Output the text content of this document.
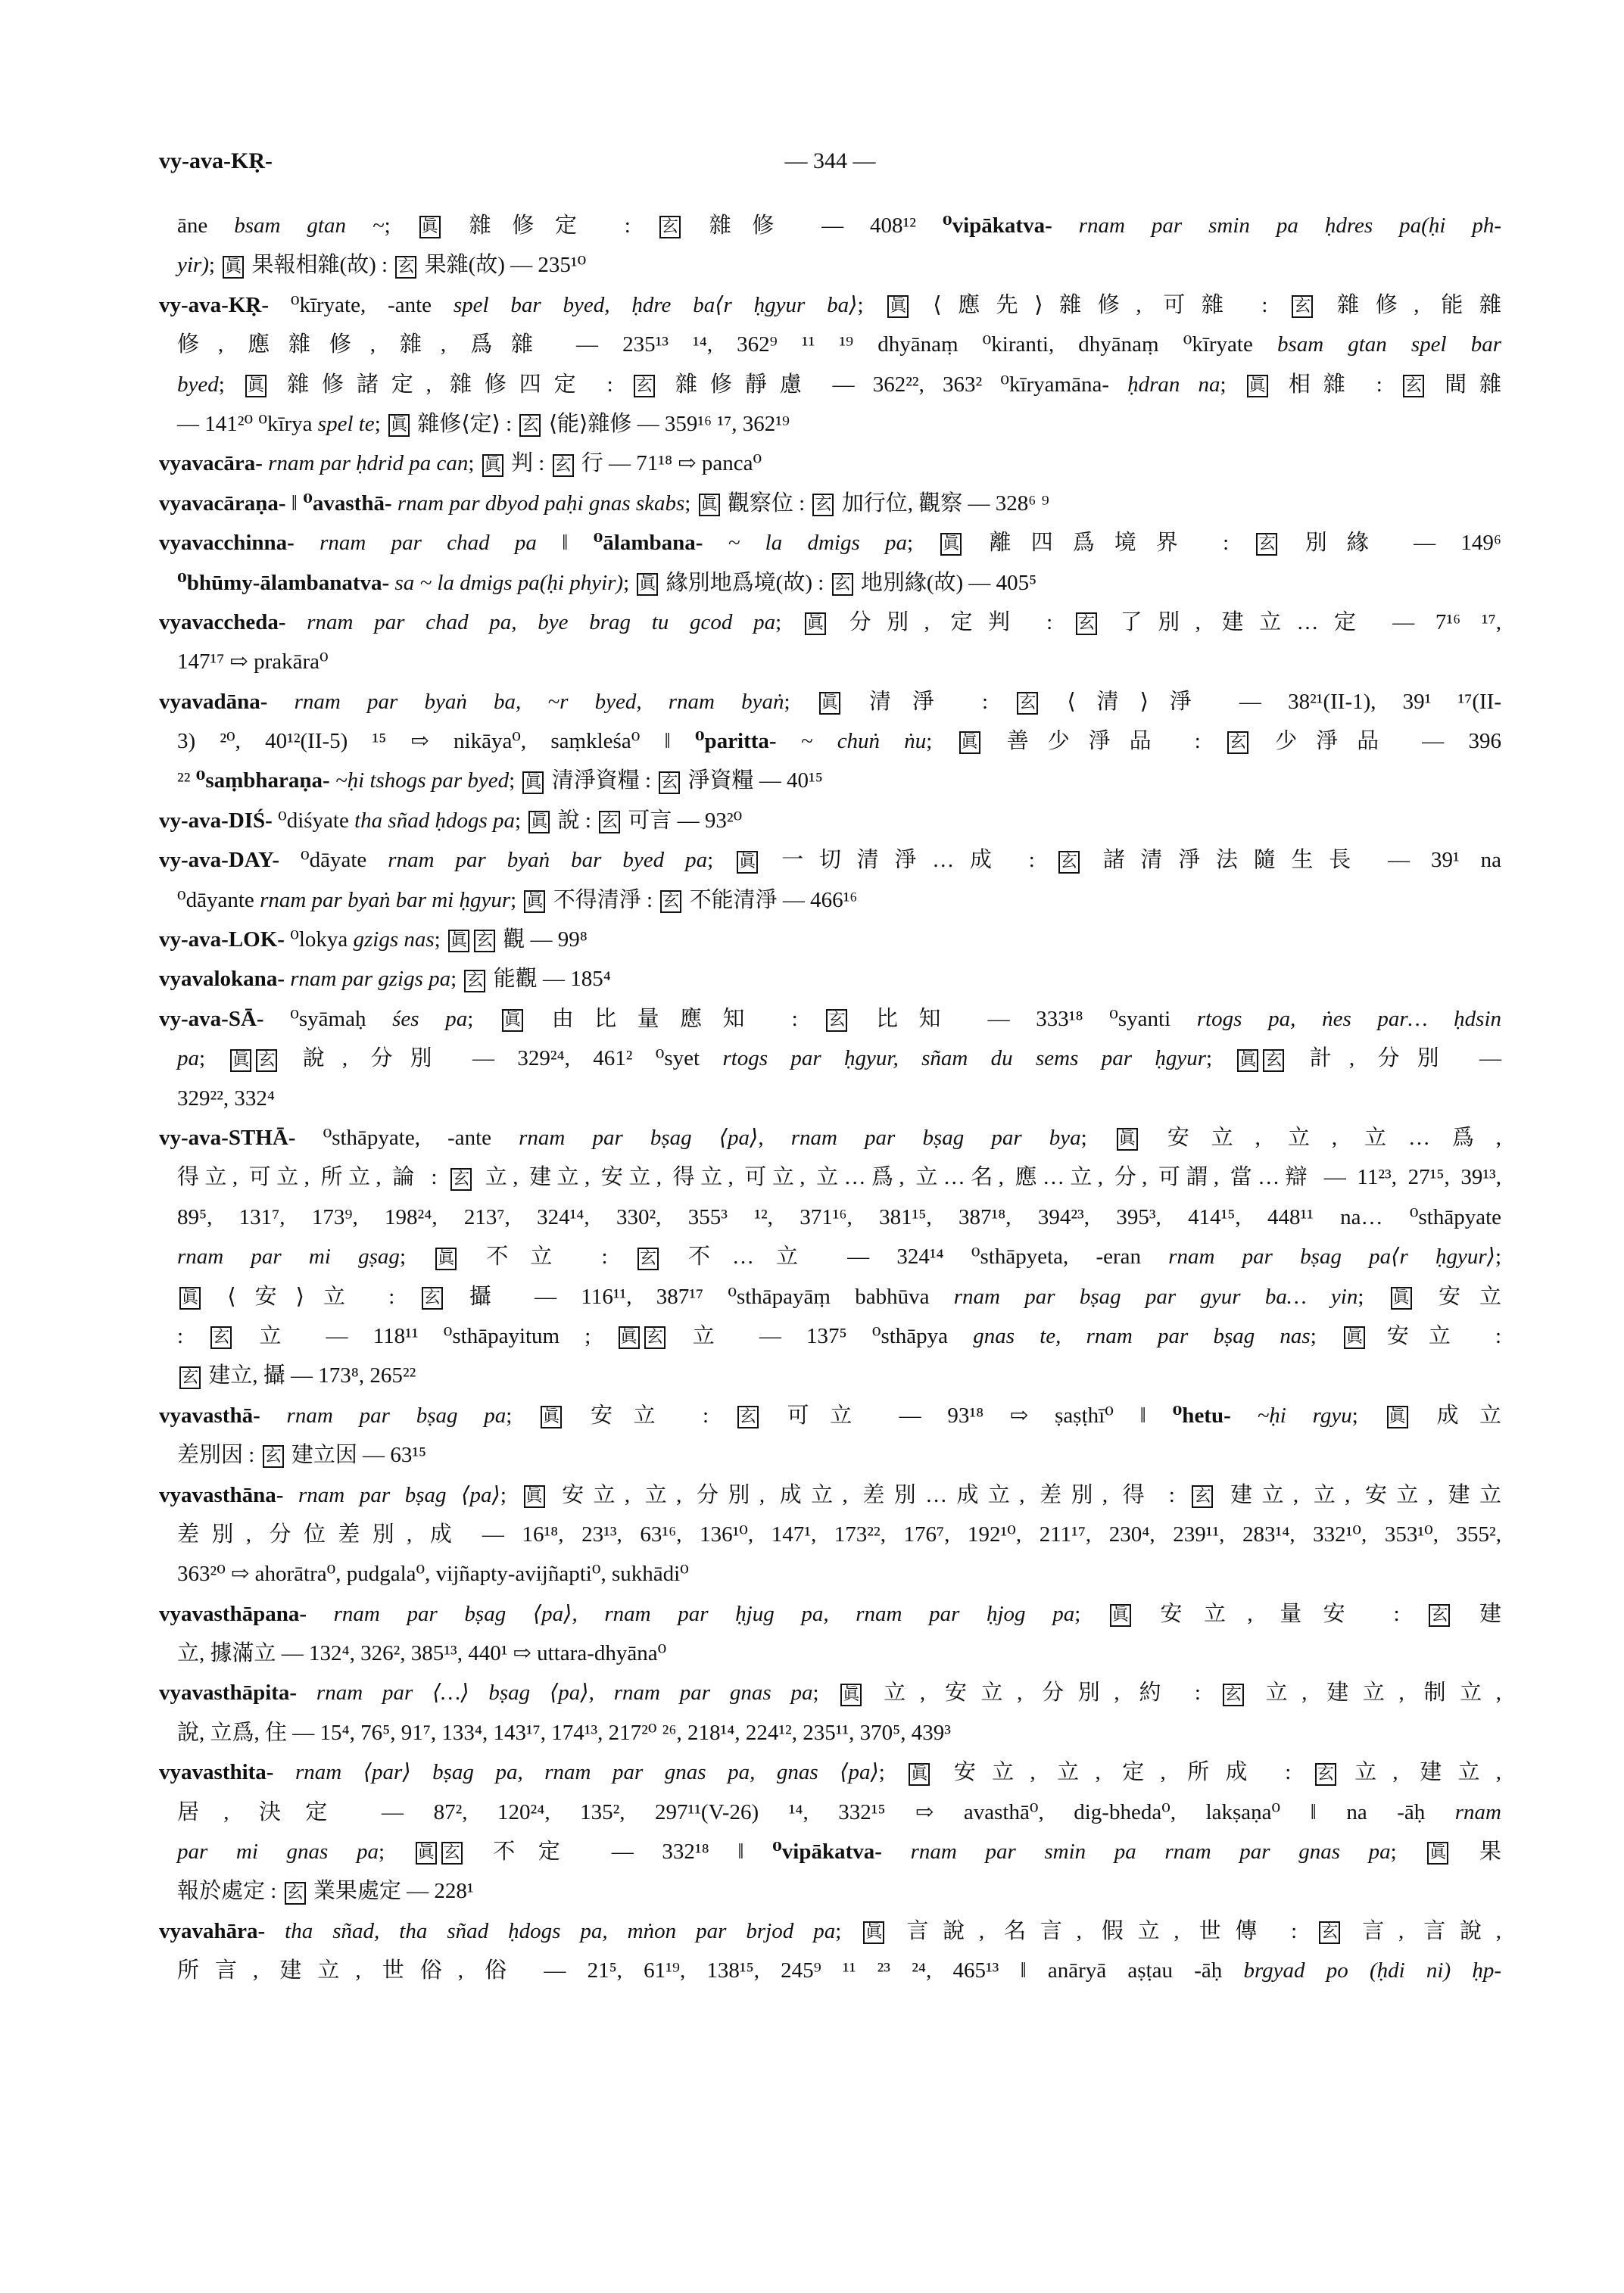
vy-ava-KṚ-	— 344 —
āne bsam gtan ~; 眞 雜修定 : 玄 雜修 — 408¹² ⁰vipākatva- rnam par smin pa ḥdres pa(ḥi ph-
yir); 眞 果報相雜(故) : 玄 果雜(故) — 235¹⁰
vy-ava-KṚ- ⁰kīryate, -ante spel bar byed, ḥdre ba⟨r ḥgyur ba⟩; 眞 ⟨應先⟩雜修, 可雜 : 玄 雜修, 能雜
修, 應雜修, 雜, 爲雜 — 235¹³ ¹⁴, 362⁹ ¹¹ ¹⁹ dhyānaṃ ⁰kiranti, dhyānaṃ ⁰kīryate bsam gtan spel bar
byed; 眞 雜修諸定, 雜修四定 : 玄 雜修靜慮 — 362²², 363² ⁰kīryamāna- ḥdran na; 眞 相雜 : 玄 間雜
— 141²⁰ ⁰kīrya spel te; 眞 雜修⟨定⟩ : 玄 ⟨能⟩雜修 — 359¹⁶ ¹⁷, 362¹⁹
vyavacāra- rnam par ḥdrid pa can; 眞 判 : 玄 行 — 71¹⁸ ⇨ panca⁰
vyavacāraṇa- ‖ ⁰avasthā- rnam par dbyod paḥi gnas skabs; 眞 觀察位 : 玄 加行位, 觀察 — 328⁶ ⁹
vyavacchinna- rnam par chad pa ‖ ⁰ālambana- ~ la dmigs pa; 眞 離四爲境界 : 玄 別緣 — 149⁶
⁰bhūmy-ālambanatva- sa ~ la dmigs pa(ḥi phyir); 眞 緣別地爲境(故) : 玄 地別緣(故) — 405⁵
vyavaccheda- rnam par chad pa, bye brag tu gcod pa; 眞 分別, 定判 : 玄 了別, 建立…定 — 7¹⁶ ¹⁷,
147¹⁷ ⇨ prakāra⁰
vyavadāna- rnam par byaṅ ba, ~r byed, rnam byaṅ; 眞 清淨 : 玄 ⟨清⟩淨 — 38²¹(II-1), 39¹ ¹⁷(II-
3) ²⁰, 40¹²(II-5) ¹⁵ ⇨ nikāya⁰, saṃkleśa⁰ ‖ ⁰paritta- ~ chuṅ ṅu; 眞 善少淨品 : 玄 少淨品 — 396
²² ⁰saṃbharaṇa- ~ḥi tshogs par byed; 眞 清淨資糧 : 玄 淨資糧 — 40¹⁵
vy-ava-DIŚ- ⁰diśyate tha sñad ḥdogs pa; 眞 說 : 玄 可言 — 93²⁰
vy-ava-DAY- ⁰dāyate rnam par byaṅ bar byed pa; 眞 一切清淨…成 : 玄 諸清淨法隨生長 — 39¹ na
⁰dāyante rnam par byaṅ bar mi ḥgyur; 眞 不得清淨 : 玄 不能清淨 — 466¹⁶
vy-ava-LOK- ⁰lokya gzigs nas; 眞 玄 觀 — 99⁸
vyavalokana- rnam par gzigs pa; 玄 能觀 — 185⁴
vy-ava-SĀ- ⁰syāmaḥ śes pa; 眞 由比量應知 : 玄 比知 — 333¹⁸ ⁰syanti rtogs pa, ṅes par… ḥdsin
pa; 眞 玄 說, 分別 — 329²⁴, 461² ⁰syet rtogs par ḥgyur, sñam du sems par ḥgyur; 眞 玄 計, 分別 —
329²², 332⁴
vy-ava-STHĀ- ⁰sthāpyate, -ante rnam par bṣag ⟨pa⟩, rnam par bṣag par bya; 眞 安立, 立, 立…爲,
得立, 可立, 所立, 論 : 玄 立, 建立, 安立, 得立, 可立, 立…爲, 立…名, 應…立, 分, 可謂, 當…辯 — 11²³, 27¹⁵, 39¹³,
89⁵, 131⁷, 173⁹, 198²⁴, 213⁷, 324¹⁴, 330², 355³ ¹², 371¹⁶, 381¹⁵, 387¹⁸, 394²³, 395³, 414¹⁵, 448¹¹ na… ⁰sthāpyate
rnam par mi gṣag; 眞 不立 : 玄 不…立 — 324¹⁴ ⁰sthāpyeta, -eran rnam par bṣag pa⟨r ḥgyur⟩;
眞 ⟨安⟩立 : 玄 攝 — 116¹¹, 387¹⁷ ⁰sthāpayāṃ babhūva rnam par bṣag par gyur ba… yin; 眞 安立
: 玄 立 — 118¹¹ ⁰sthāpayitum ; 眞 玄 立 — 137⁵ ⁰sthāpya gnas te, rnam par bṣag nas; 眞 安立 :
玄 建立, 攝 — 173⁸, 265²²
vyavasthā- rnam par bṣag pa; 眞 安立 : 玄 可立 — 93¹⁸ ⇨ ṣaṣṭhī⁰ ‖ ⁰hetu- ~ḥi rgyu; 眞 成立
差別因 : 玄 建立因 — 63¹⁵
vyavasthāna- rnam par bṣag ⟨pa⟩; 眞 安立, 立, 分別, 成立, 差別…成立, 差別, 得 : 玄 建立, 立, 安立, 建立
差別, 分位差別, 成 — 16¹⁸, 23¹³, 63¹⁶, 136¹⁰, 147¹, 173²², 176⁷, 192¹⁰, 211¹⁷, 230⁴, 239¹¹, 283¹⁴, 332¹⁰, 353¹⁰, 355²,
363²⁰ ⇨ ahorātra⁰, pudgala⁰, vijñapty-avijñapti⁰, sukhādi⁰
vyavasthāpana- rnam par bṣag ⟨pa⟩, rnam par ḥjug pa, rnam par ḥjog pa; 眞 安立, 量安 : 玄 建
立, 據滿立 — 132⁴, 326², 385¹³, 440¹ ⇨ uttara-dhyāna⁰
vyavasthāpita- rnam par ⟨…⟩ bṣag ⟨pa⟩, rnam par gnas pa; 眞 立, 安立, 分別, 約 : 玄 立, 建立, 制立,
說, 立爲, 住 — 15⁴, 76⁵, 91⁷, 133⁴, 143¹⁷, 174¹³, 217²⁰ ²⁶, 218¹⁴, 224¹², 235¹¹, 370⁵, 439³
vyavasthita- rnam ⟨par⟩ bṣag pa, rnam par gnas pa, gnas ⟨pa⟩; 眞 安立, 立, 定, 所成 : 玄 立, 建立,
居, 決定 — 87², 120²⁴, 135², 297¹¹(V-26) ¹⁴, 332¹⁵ ⇨ avasthā⁰, dig-bheda⁰, lakṣaṇa⁰ ‖ na -āḥ rnam
par mi gnas pa; 眞 玄 不定 — 332¹⁸ ‖ ⁰vipākatva- rnam par smin pa rnam par gnas pa; 眞 果
報於處定 : 玄 業果處定 — 228¹
vyavahāra- tha sñad, tha sñad ḥdogs pa, mṅon par brjod pa; 眞 言說, 名言, 假立, 世傳 : 玄 言, 言說,
所言, 建立, 世俗, 俗 — 21⁵, 61¹⁹, 138¹⁵, 245⁹ ¹¹ ²³ ²⁴, 465¹³ ‖ anāryā aṣṭau -āḥ brgyad po (ḥdi ni) ḥp-
